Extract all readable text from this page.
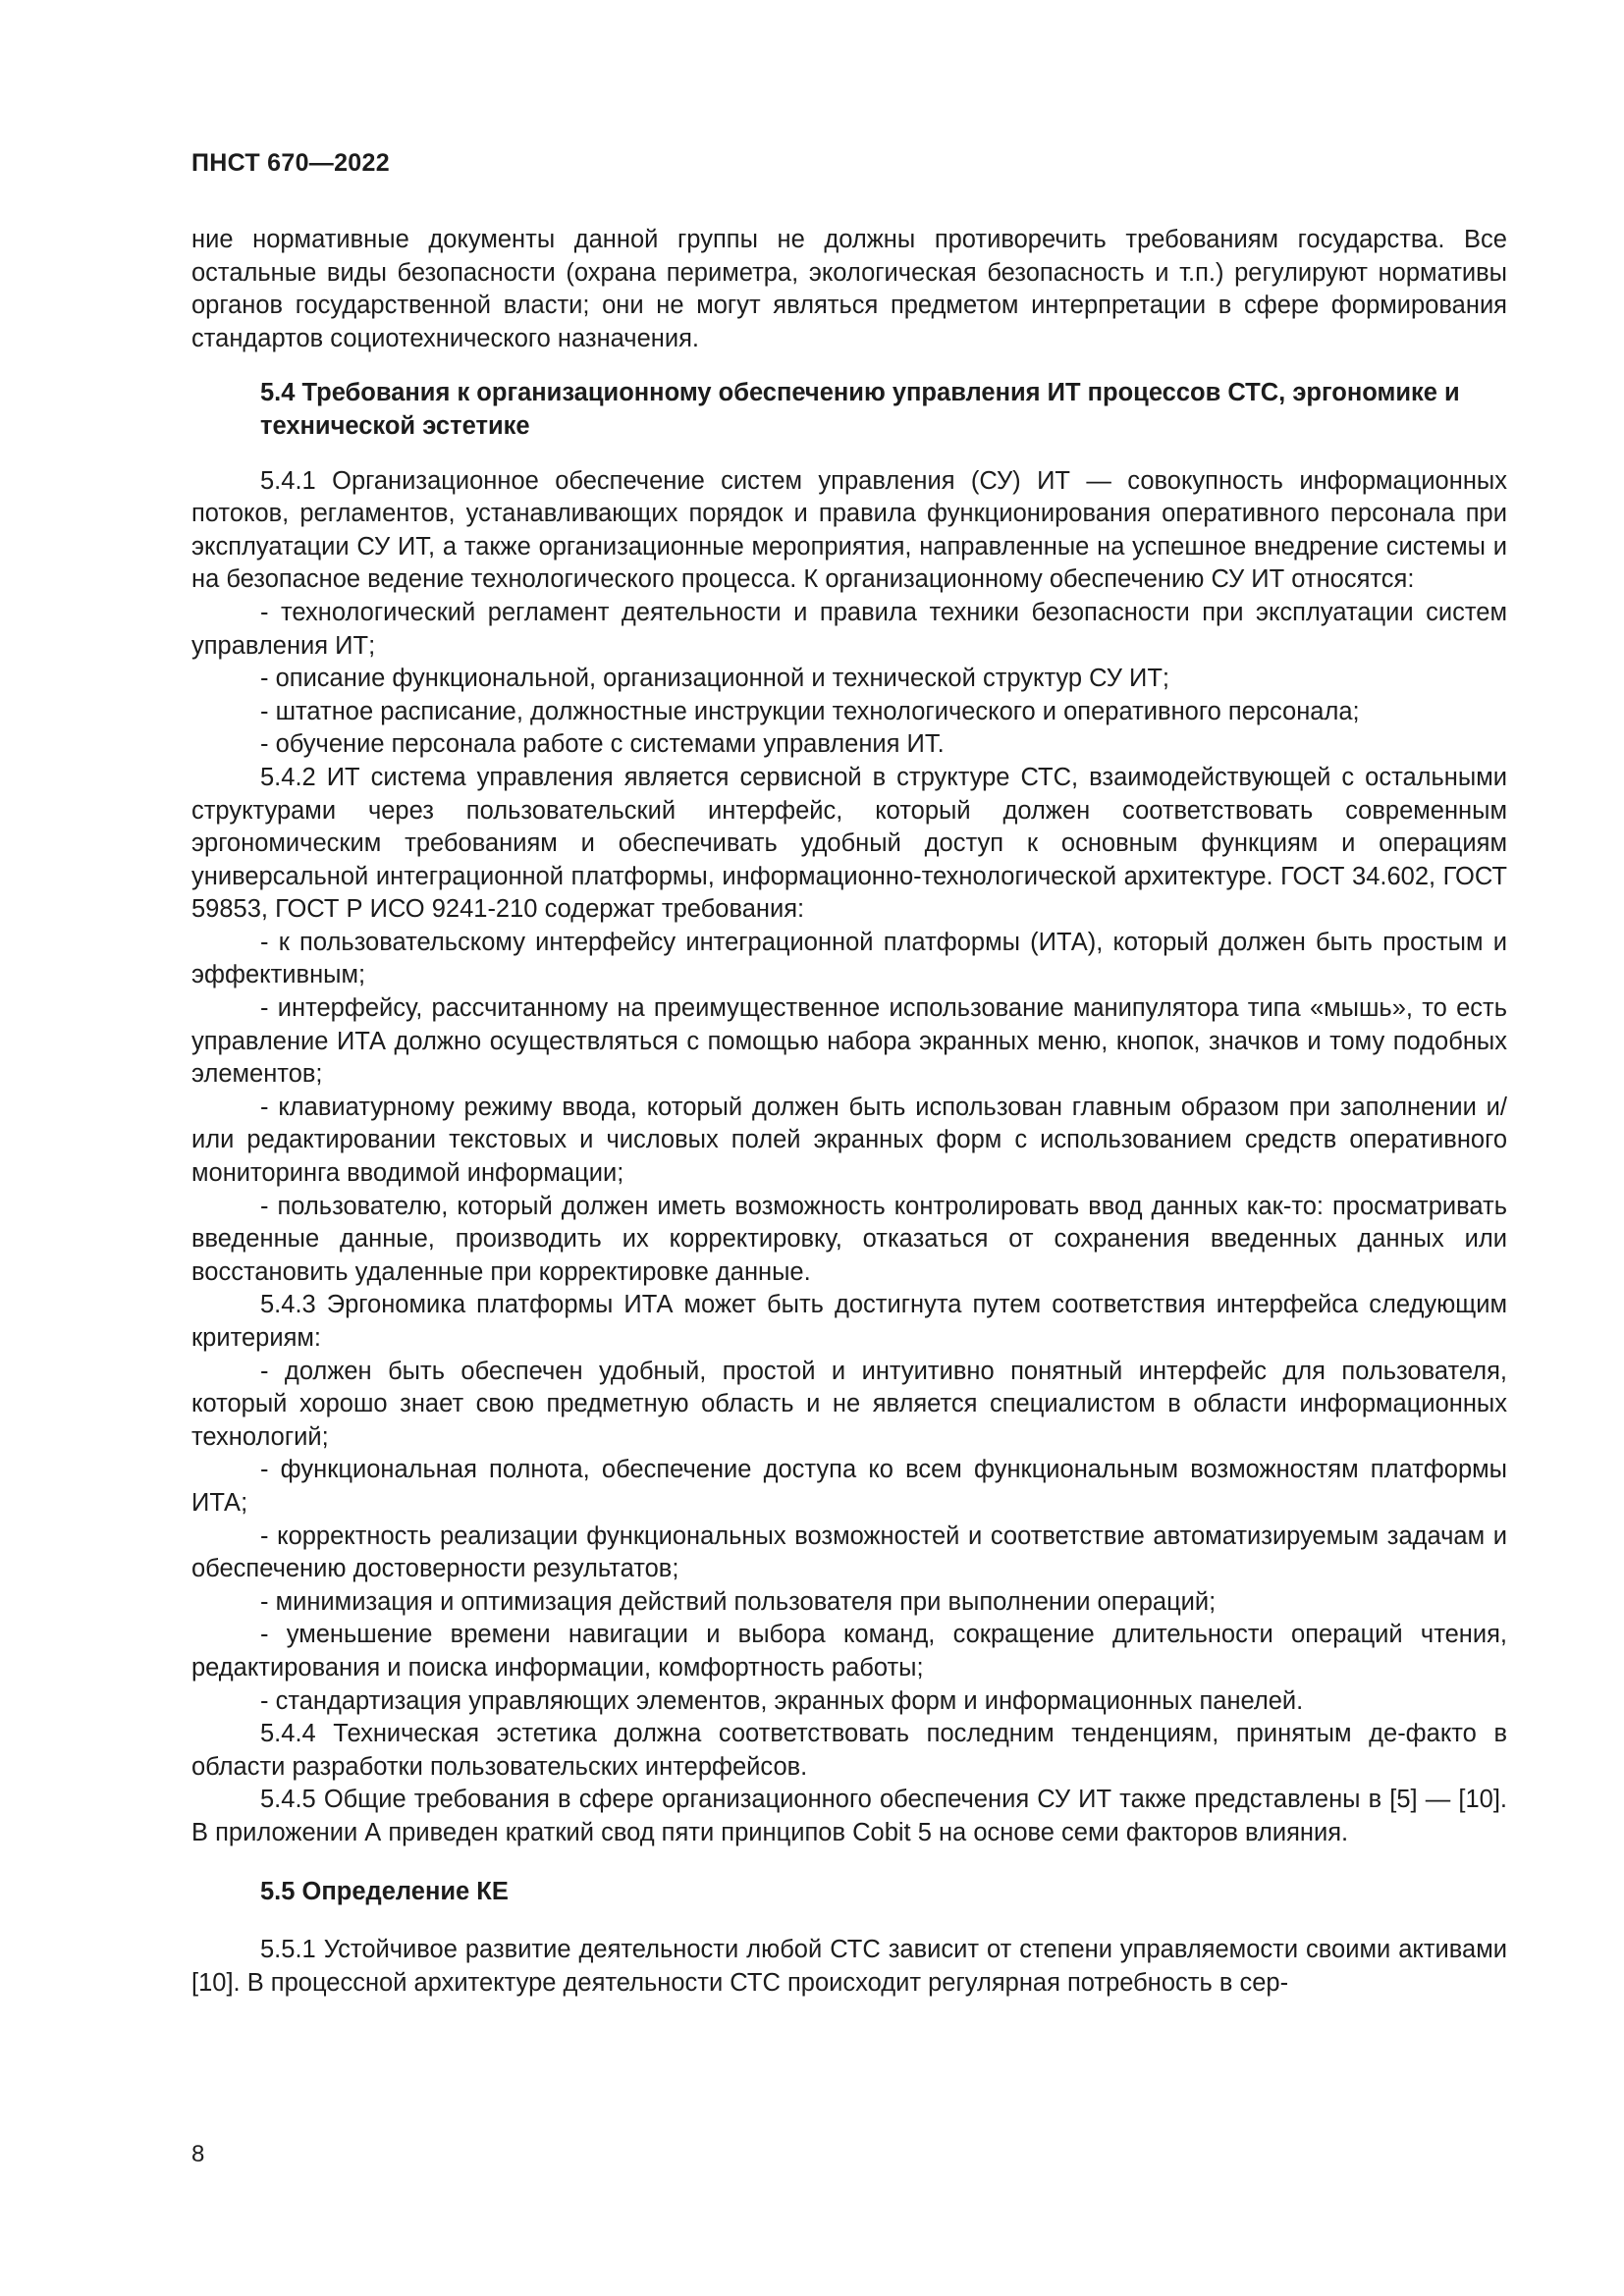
ПНСТ 670—2022

ние нормативные документы данной группы не должны противоречить требованиям государства. Все остальные виды безопасности (охрана периметра, экологическая безопасность и т.п.) регулируют нормативы органов государственной власти; они не могут являться предметом интерпретации в сфере формирования стандартов социотехнического назначения.

5.4 Требования к организационному обеспечению управления ИТ процессов СТС, эргономике и технической эстетике

5.4.1 Организационное обеспечение систем управления (СУ) ИТ — совокупность информационных потоков, регламентов, устанавливающих порядок и правила функционирования оперативного персонала при эксплуатации СУ ИТ, а также организационные мероприятия, направленные на успешное внедрение системы и на безопасное ведение технологического процесса. К организационному обеспечению СУ ИТ относятся:

- технологический регламент деятельности и правила техники безопасности при эксплуатации систем управления ИТ;

- описание функциональной, организационной и технической структур СУ ИТ;

- штатное расписание, должностные инструкции технологического и оперативного персонала;

- обучение персонала работе с системами управления ИТ.

5.4.2 ИТ система управления является сервисной в структуре СТС, взаимодействующей с остальными структурами через пользовательский интерфейс, который должен соответствовать современным эргономическим требованиям и обеспечивать удобный доступ к основным функциям и операциям универсальной интеграционной платформы, информационно-технологической архитектуре. ГОСТ 34.602, ГОСТ 59853, ГОСТ Р ИСО 9241-210 содержат требования:

- к пользовательскому интерфейсу интеграционной платформы (ИТА), который должен быть простым и эффективным;

- интерфейсу, рассчитанному на преимущественное использование манипулятора типа «мышь», то есть управление ИТА должно осуществляться с помощью набора экранных меню, кнопок, значков и тому подобных элементов;

- клавиатурному режиму ввода, который должен быть использован главным образом при заполнении и/или редактировании текстовых и числовых полей экранных форм с использованием средств оперативного мониторинга вводимой информации;

- пользователю, который должен иметь возможность контролировать ввод данных как-то: просматривать введенные данные, производить их корректировку, отказаться от сохранения введенных данных или восстановить удаленные при корректировке данные.

5.4.3 Эргономика платформы ИТА может быть достигнута путем соответствия интерфейса следующим критериям:

- должен быть обеспечен удобный, простой и интуитивно понятный интерфейс для пользователя, который хорошо знает свою предметную область и не является специалистом в области информационных технологий;

- функциональная полнота, обеспечение доступа ко всем функциональным возможностям платформы ИТА;

- корректность реализации функциональных возможностей и соответствие автоматизируемым задачам и обеспечению достоверности результатов;

- минимизация и оптимизация действий пользователя при выполнении операций;

- уменьшение времени навигации и выбора команд, сокращение длительности операций чтения, редактирования и поиска информации, комфортность работы;

- стандартизация управляющих элементов, экранных форм и информационных панелей.

5.4.4 Техническая эстетика должна соответствовать последним тенденциям, принятым де-факто в области разработки пользовательских интерфейсов.

5.4.5 Общие требования в сфере организационного обеспечения СУ ИТ также представлены в [5] — [10]. В приложении А приведен краткий свод пяти принципов Cobit 5 на основе семи факторов влияния.

5.5 Определение КЕ

5.5.1 Устойчивое развитие деятельности любой СТС зависит от степени управляемости своими активами [10]. В процессной архитектуре деятельности СТС происходит регулярная потребность в сер-

8
